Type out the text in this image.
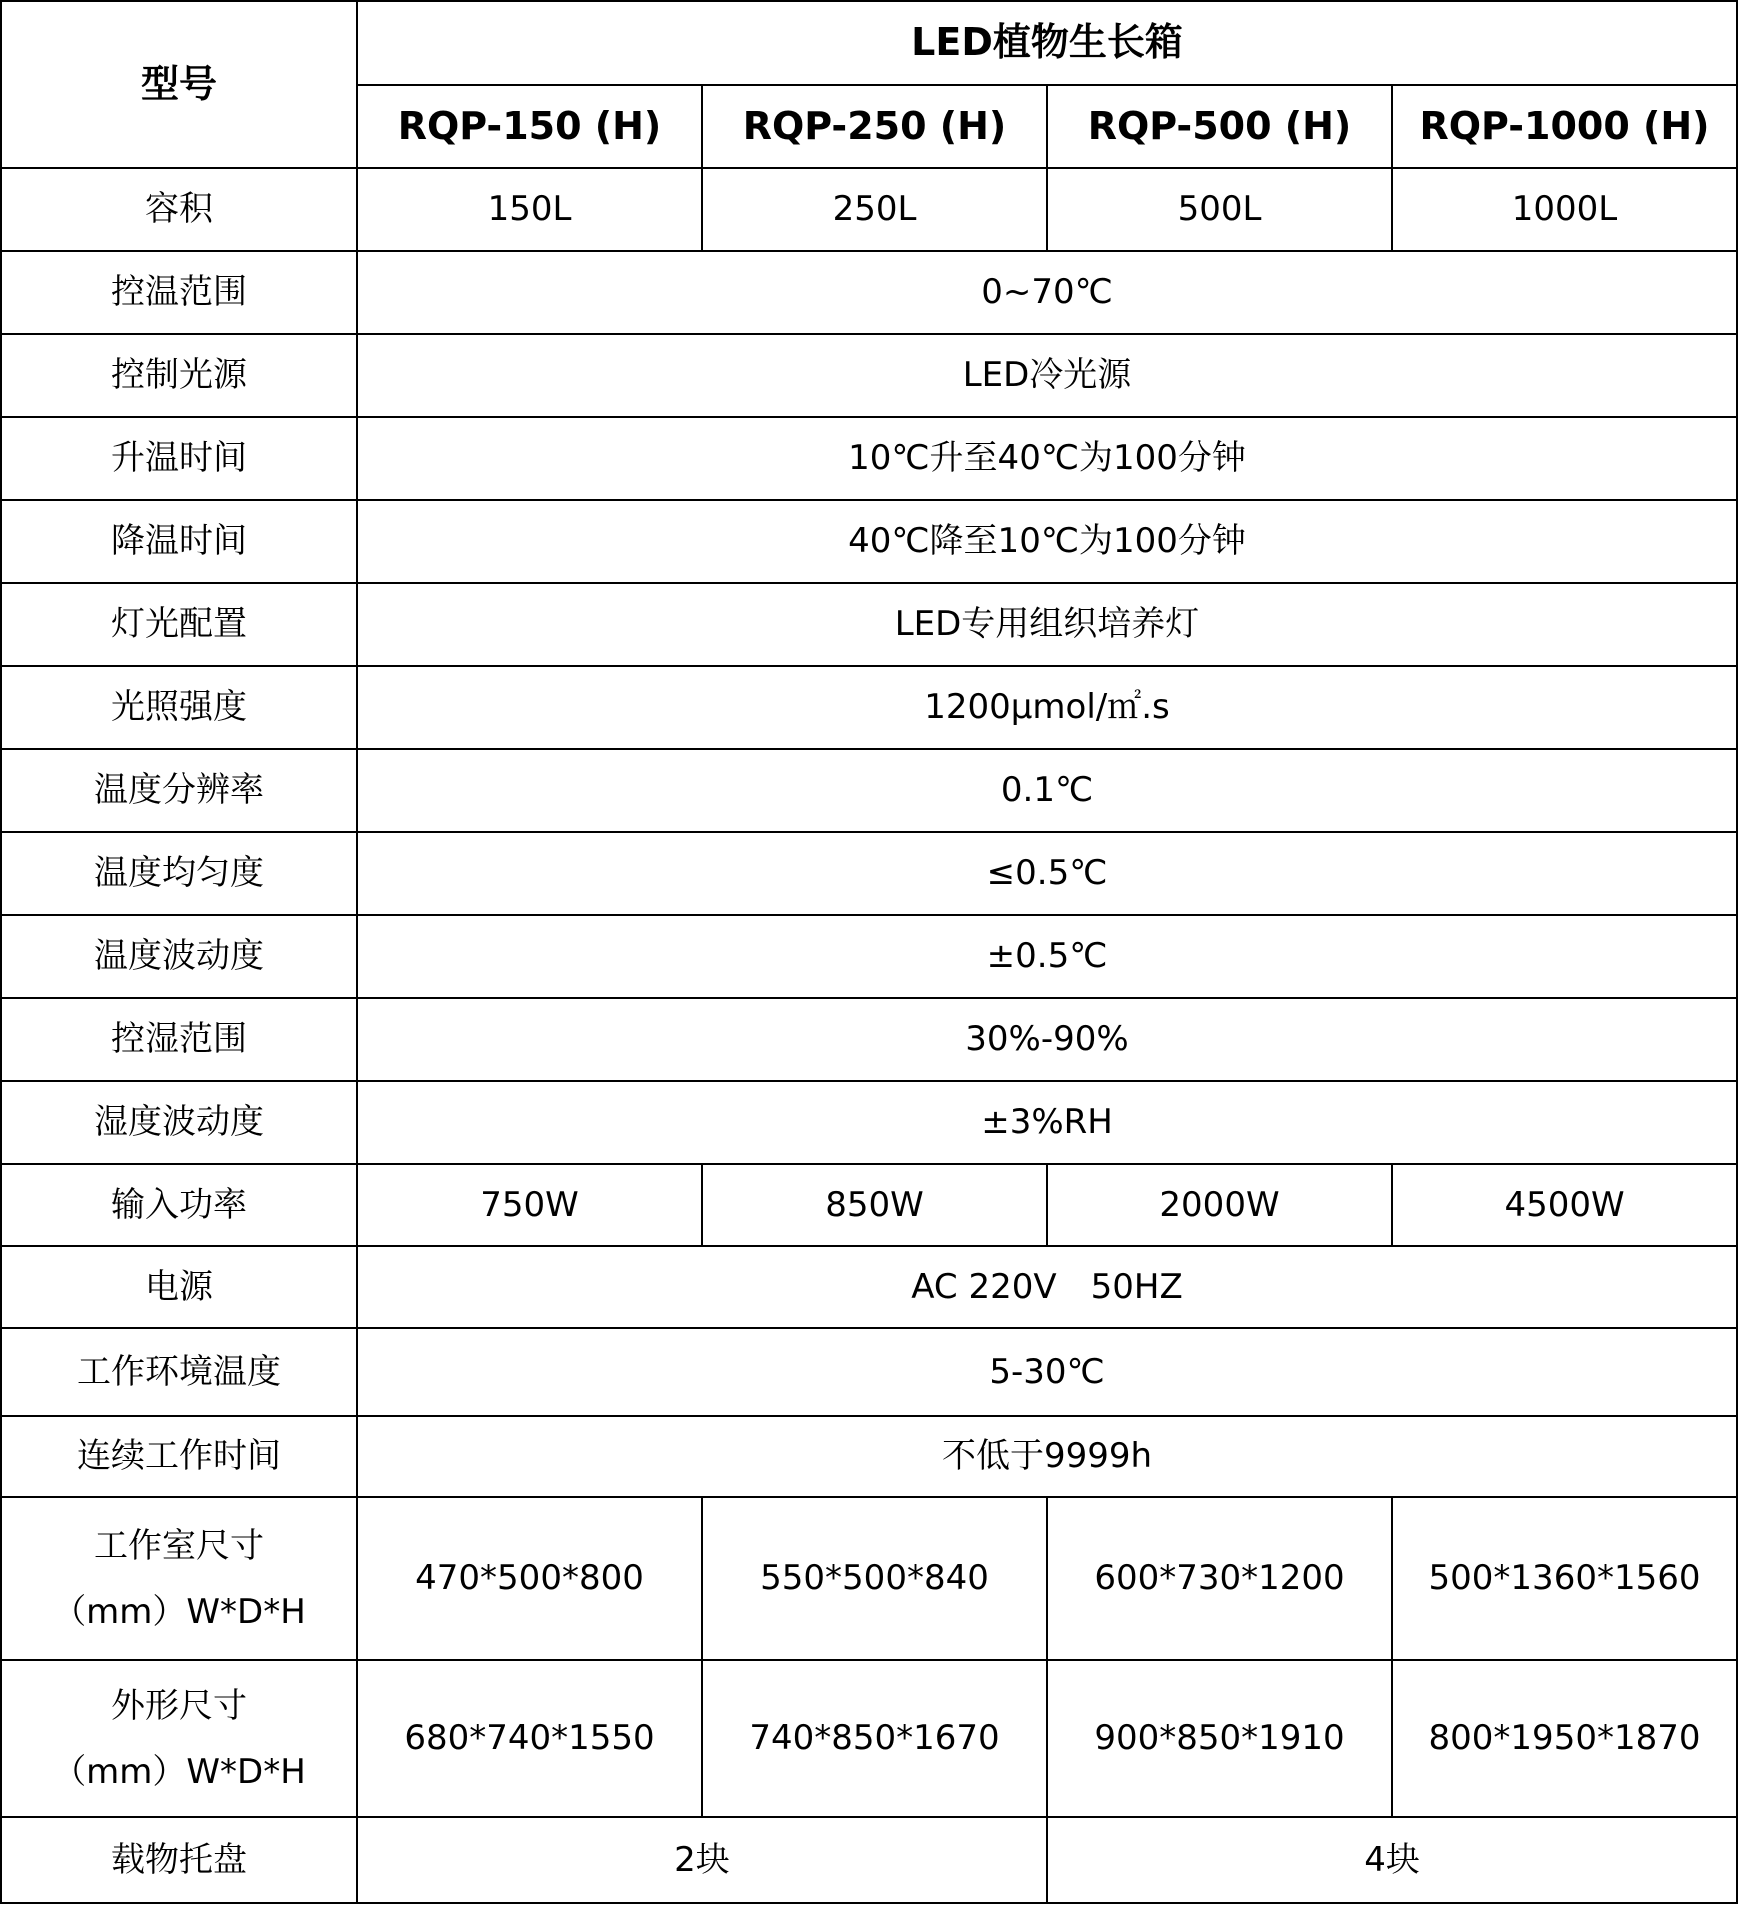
型号	LED植物生长箱			
	RQP-150 (H)	RQP-250 (H)	RQP-500 (H)	RQP-1000 (H)
容积	150L	250L	500L	1000L
控温范围	0~70℃			
控制光源	LED冷光源			
升温时间	10℃升至40℃为100分钟			
降温时间	40℃降至10℃为100分钟			
灯光配置	LED专用组织培养灯			
光照强度	1200μmol/㎡.s			
温度分辨率	0.1℃			
温度均匀度	≤0.5℃			
温度波动度	±0.5℃			
控湿范围	30%-90%			
湿度波动度	±3%RH			
输入功率	750W	850W	2000W	4500W
电源	AC 220V　50HZ			
工作环境温度	5-30℃			
连续工作时间	不低于9999h			

工作室尺寸
（mm）W*D*H	470*500*800	550*500*840	600*730*1200	500*1360*1560

外形尺寸
（mm）W*D*H	680*740*1550	740*850*1670	900*850*1910	800*1950*1870
载物托盘	2块		4块	
